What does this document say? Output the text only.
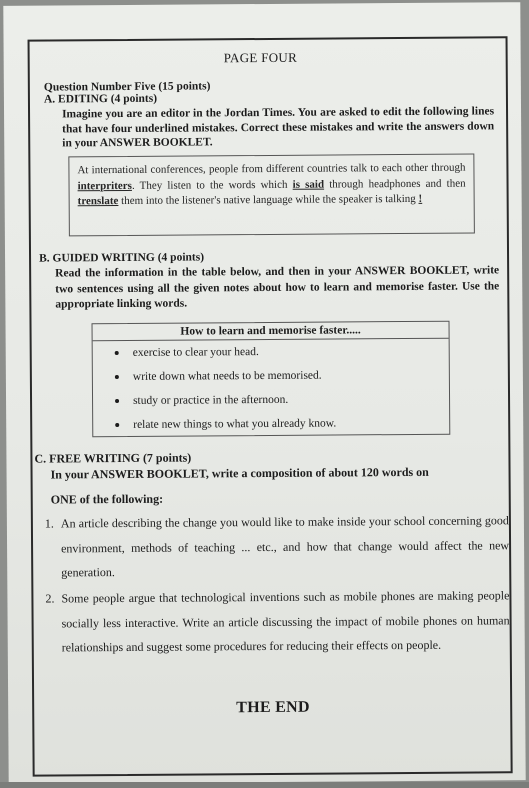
PAGE FOUR
Question Number Five (15 points)
A. EDITING (4 points)
Imagine you are an editor in the Jordan Times. You are asked to edit the following lines that have four underlined mistakes. Correct these mistakes and write the answers down in your ANSWER BOOKLET.
At international conferences, people from different countries talk to each other through interpriters. They listen to the words which is said through headphones and then trenslate them into the listener's native language while the speaker is talking !
B. GUIDED WRITING (4 points)
Read the information in the table below, and then in your ANSWER BOOKLET, write two sentences using all the given notes about how to learn and memorise faster. Use the appropriate linking words.
How to learn and memorise faster.....
exercise to clear your head.
write down what needs to be memorised.
study or practice in the afternoon.
relate new things to what you already know.
C. FREE WRITING (7 points)
In your ANSWER BOOKLET, write a composition of about 120 words on
ONE of the following:
1. An article describing the change you would like to make inside your school concerning good environment, methods of teaching ... etc., and how that change would affect the new generation.
2. Some people argue that technological inventions such as mobile phones are making people socially less interactive. Write an article discussing the impact of mobile phones on human relationships and suggest some procedures for reducing their effects on people.
THE END
